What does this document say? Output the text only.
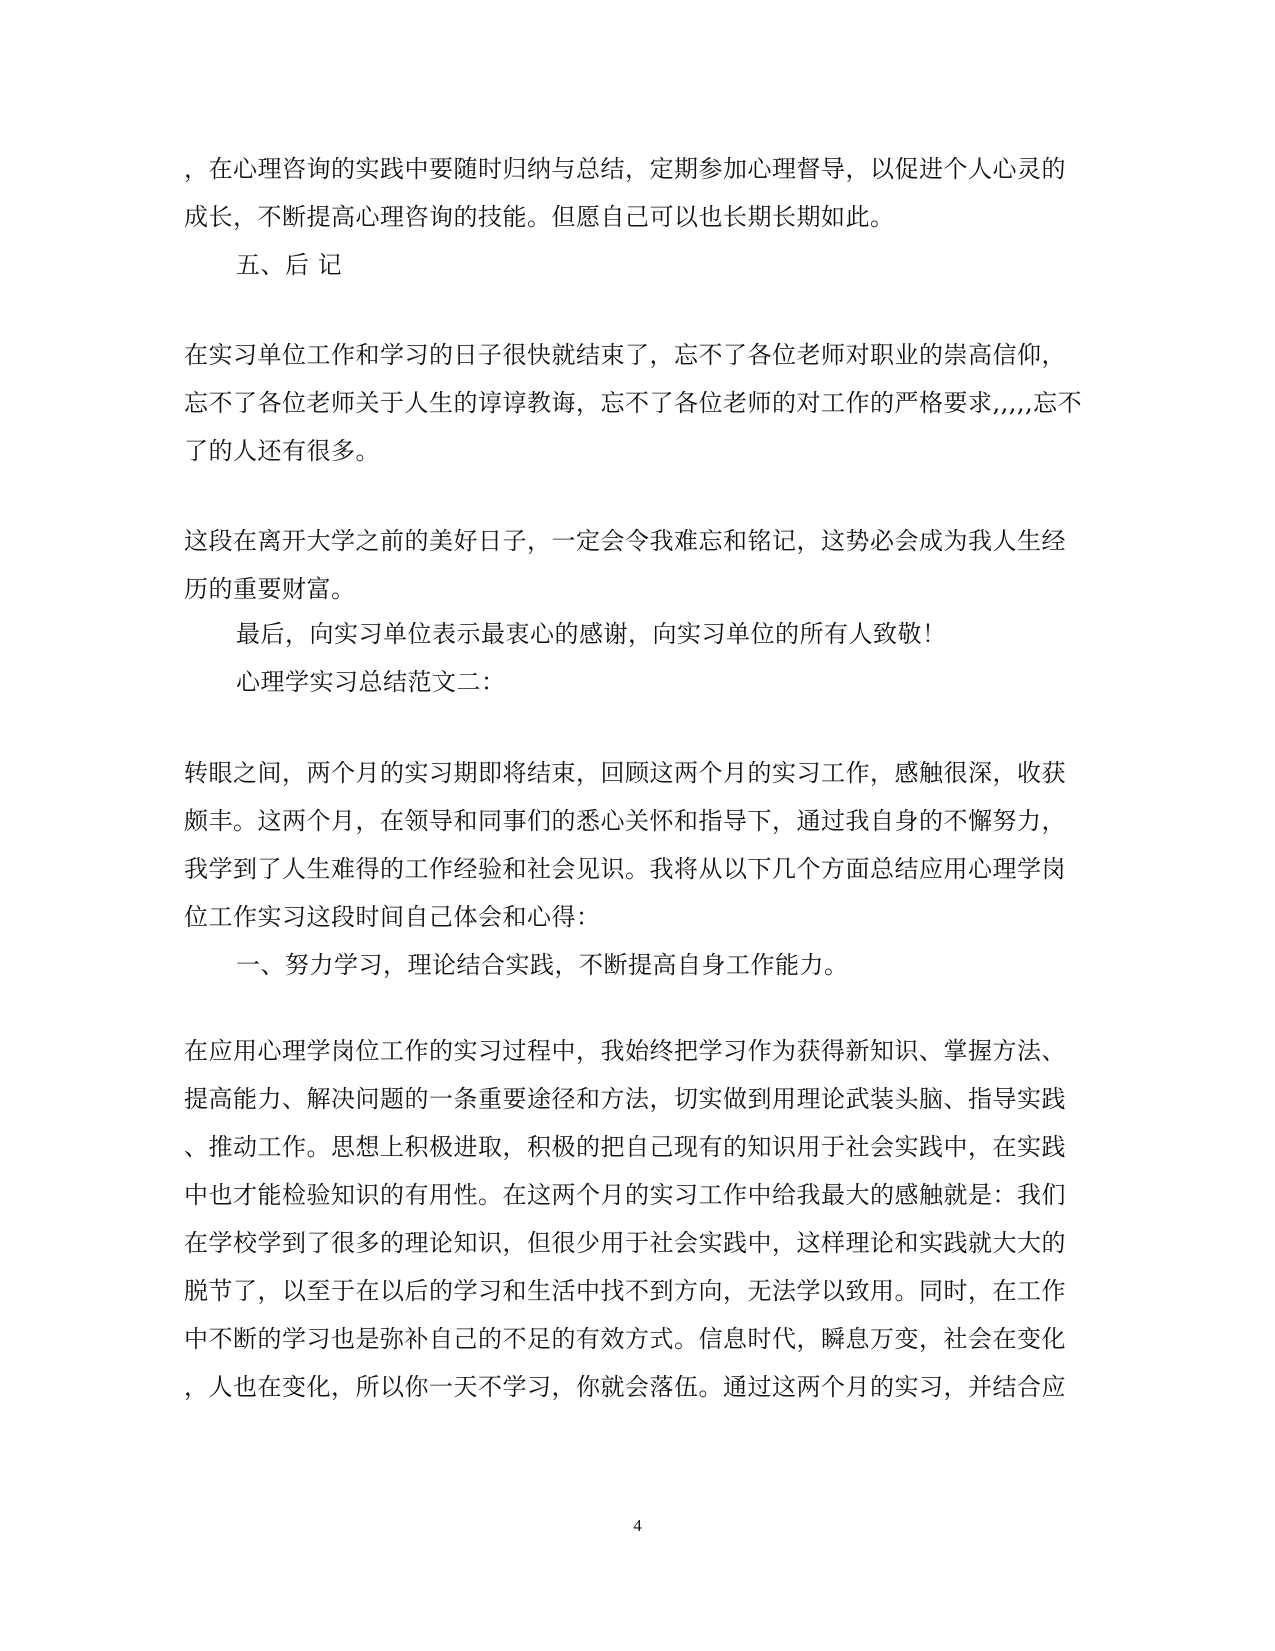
，在心理咨询的实践中要随时归纳与总结，定期参加心理督导，以促进个人心灵的
成长，不断提高心理咨询的技能。但愿自己可以也长期长期如此。
五、后 记
在实习单位工作和学习的日子很快就结束了，忘不了各位老师对职业的崇高信仰，
忘不了各位老师关于人生的谆谆教诲，忘不了各位老师的对工作的严格要求,,,,,忘不
了的人还有很多。
这段在离开大学之前的美好日子，一定会令我难忘和铭记，这势必会成为我人生经
历的重要财富。
最后，向实习单位表示最衷心的感谢，向实习单位的所有人致敬！
心理学实习总结范文二：
转眼之间，两个月的实习期即将结束，回顾这两个月的实习工作，感触很深，收获
颇丰。这两个月，在领导和同事们的悉心关怀和指导下，通过我自身的不懈努力，
我学到了人生难得的工作经验和社会见识。我将从以下几个方面总结应用心理学岗
位工作实习这段时间自己体会和心得：
一、努力学习，理论结合实践，不断提高自身工作能力。
在应用心理学岗位工作的实习过程中，我始终把学习作为获得新知识、掌握方法、
提高能力、解决问题的一条重要途径和方法，切实做到用理论武装头脑、指导实践
、推动工作。思想上积极进取，积极的把自己现有的知识用于社会实践中，在实践
中也才能检验知识的有用性。在这两个月的实习工作中给我最大的感触就是：我们
在学校学到了很多的理论知识，但很少用于社会实践中，这样理论和实践就大大的
脱节了，以至于在以后的学习和生活中找不到方向，无法学以致用。同时，在工作
中不断的学习也是弥补自己的不足的有效方式。信息时代，瞬息万变，社会在变化
，人也在变化，所以你一天不学习，你就会落伍。通过这两个月的实习，并结合应
4
